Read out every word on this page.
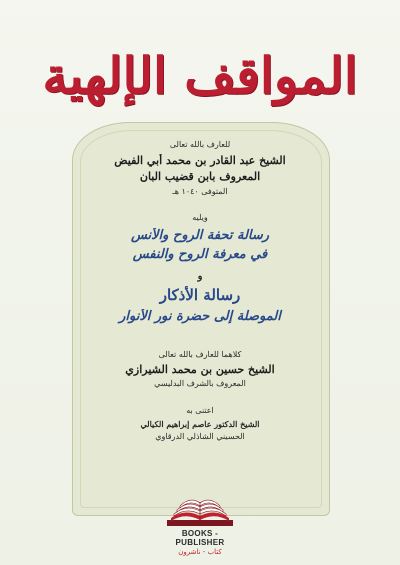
المواقف الإلهية
للعارف بالله تعالى
الشيخ عبد القادر بن محمد أبي الفيض
المعروف بابن قضيب البان
المتوفى ١٠٤٠ هـ
ويليه
رسالة تحفة الروح والأنس
في معرفة الروح والنفس
و
رسالة الأذكار
الموصلة إلى حضرة نور الأنوار
كلاهما للعارف بالله تعالى
الشيخ حسين بن محمد الشيرازي
المعروف بالشرف البدليسي
اعتنى به
الشيخ الدكتور عاصم إبراهيم الكيالي
الحسيني الشاذلي الدرقاوي
BOOKS - PUBLISHER
كتاب - ناشرون
